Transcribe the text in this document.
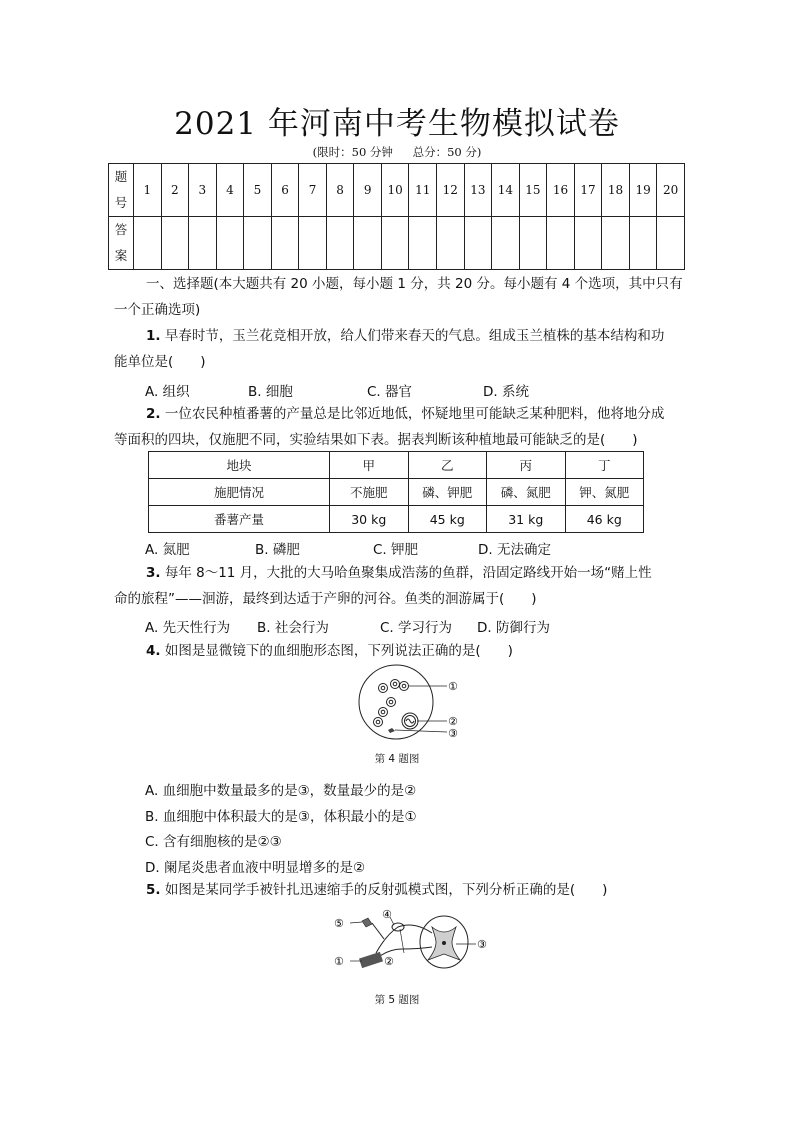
2021 年河南中考生物模拟试卷
(限时：50 分钟 总分：50 分)
题
号	1	2	3	4	5	6	7	8	9	10	11	12	13	14	15	16	17	18	19	20
答
案																				
一、选择题(本大题共有 20 小题，每小题 1 分，共 20 分。每小题有 4 个选项，其中只有
一个正确选项)
1. 早春时节，玉兰花竞相开放，给人们带来春天的气息。组成玉兰植株的基本结构和功
能单位是(　　)
A. 组织	B. 细胞	C. 器官	D. 系统
2. 一位农民种植番薯的产量总是比邻近地低，怀疑地里可能缺乏某种肥料，他将地分成
等面积的四块，仅施肥不同，实验结果如下表。据表判断该种植地最可能缺乏的是(　　)
地块	甲	乙	丙	丁
施肥情况	不施肥	磷、钾肥	磷、氮肥	钾、氮肥
番薯产量	30 kg	45 kg	31 kg	46 kg
A. 氮肥	B. 磷肥	C. 钾肥	D. 无法确定
3. 每年 8～11 月，大批的大马哈鱼聚集成浩荡的鱼群，沿固定路线开始一场“赌上性
命的旅程”——洄游，最终到达适于产卵的河谷。鱼类的洄游属于(　　)
A. 先天性行为 B. 社会行为	C. 学习行为 D. 防御行为
4. 如图是显微镜下的血细胞形态图，下列说法正确的是(　　)
①
②
③
第 4 题图
A. 血细胞中数量最多的是③，数量最少的是②
B. 血细胞中体积最大的是③，体积最小的是①
C. 含有细胞核的是②③
D. 阑尾炎患者血液中明显增多的是②
5. 如图是某同学手被针扎迅速缩手的反射弧模式图，下列分析正确的是(　　)
⑤
④
①	②
③
第 5 题图
